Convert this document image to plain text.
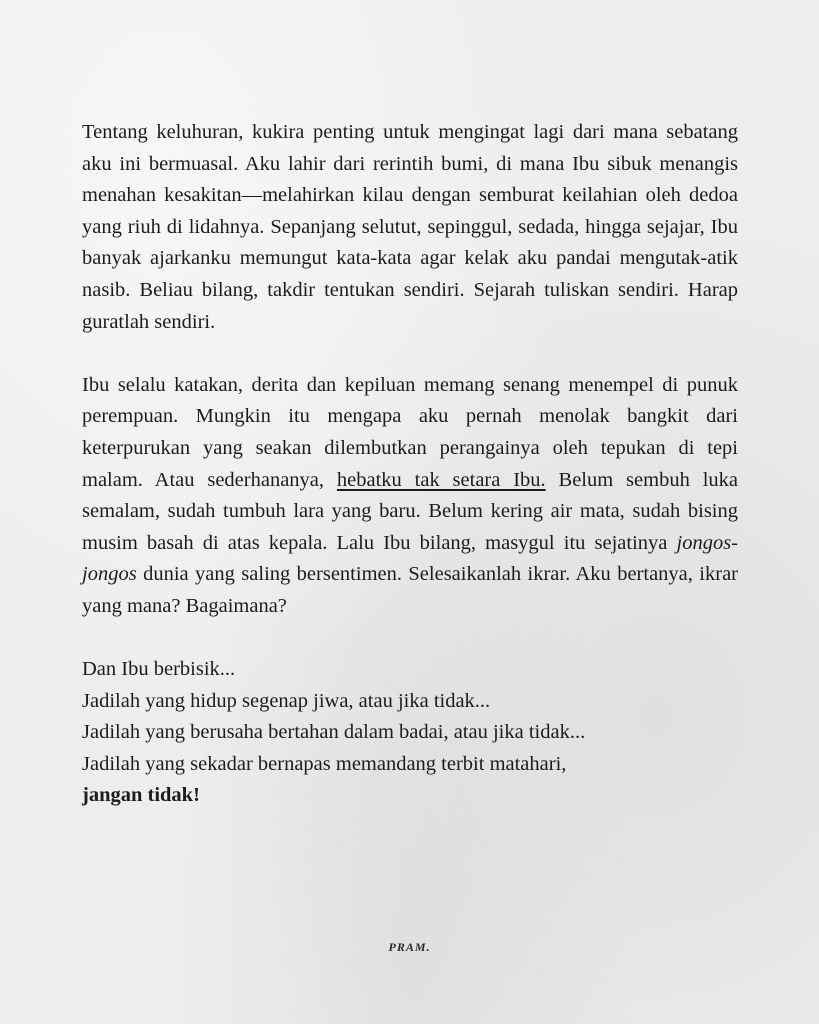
Tentang keluhuran, kukira penting untuk mengingat lagi dari mana sebatang aku ini bermuasal. Aku lahir dari rerintih bumi, di mana Ibu sibuk menangis menahan kesakitan—melahirkan kilau dengan semburat keilahian oleh dedoa yang riuh di lidahnya. Sepanjang selutut, sepinggul, sedada, hingga sejajar, Ibu banyak ajarkanku memungut kata-kata agar kelak aku pandai mengutak-atik nasib. Beliau bilang, takdir tentukan sendiri. Sejarah tuliskan sendiri. Harap guratlah sendiri.

Ibu selalu katakan, derita dan kepiluan memang senang menempel di punuk perempuan. Mungkin itu mengapa aku pernah menolak bangkit dari keterpurukan yang seakan dilembutkan perangainya oleh tepukan di tepi malam. Atau sederhananya, hebatku tak setara Ibu. Belum sembuh luka semalam, sudah tumbuh lara yang baru. Belum kering air mata, sudah bising musim basah di atas kepala. Lalu Ibu bilang, masygul itu sejatinya jongos-jongos dunia yang saling bersentimen. Selesaikanlah ikrar. Aku bertanya, ikrar yang mana? Bagaimana?

Dan Ibu berbisik...
Jadilah yang hidup segenap jiwa, atau jika tidak...
Jadilah yang berusaha bertahan dalam badai, atau jika tidak...
Jadilah yang sekadar bernapas memandang terbit matahari,
jangan tidak!
PRAM.
